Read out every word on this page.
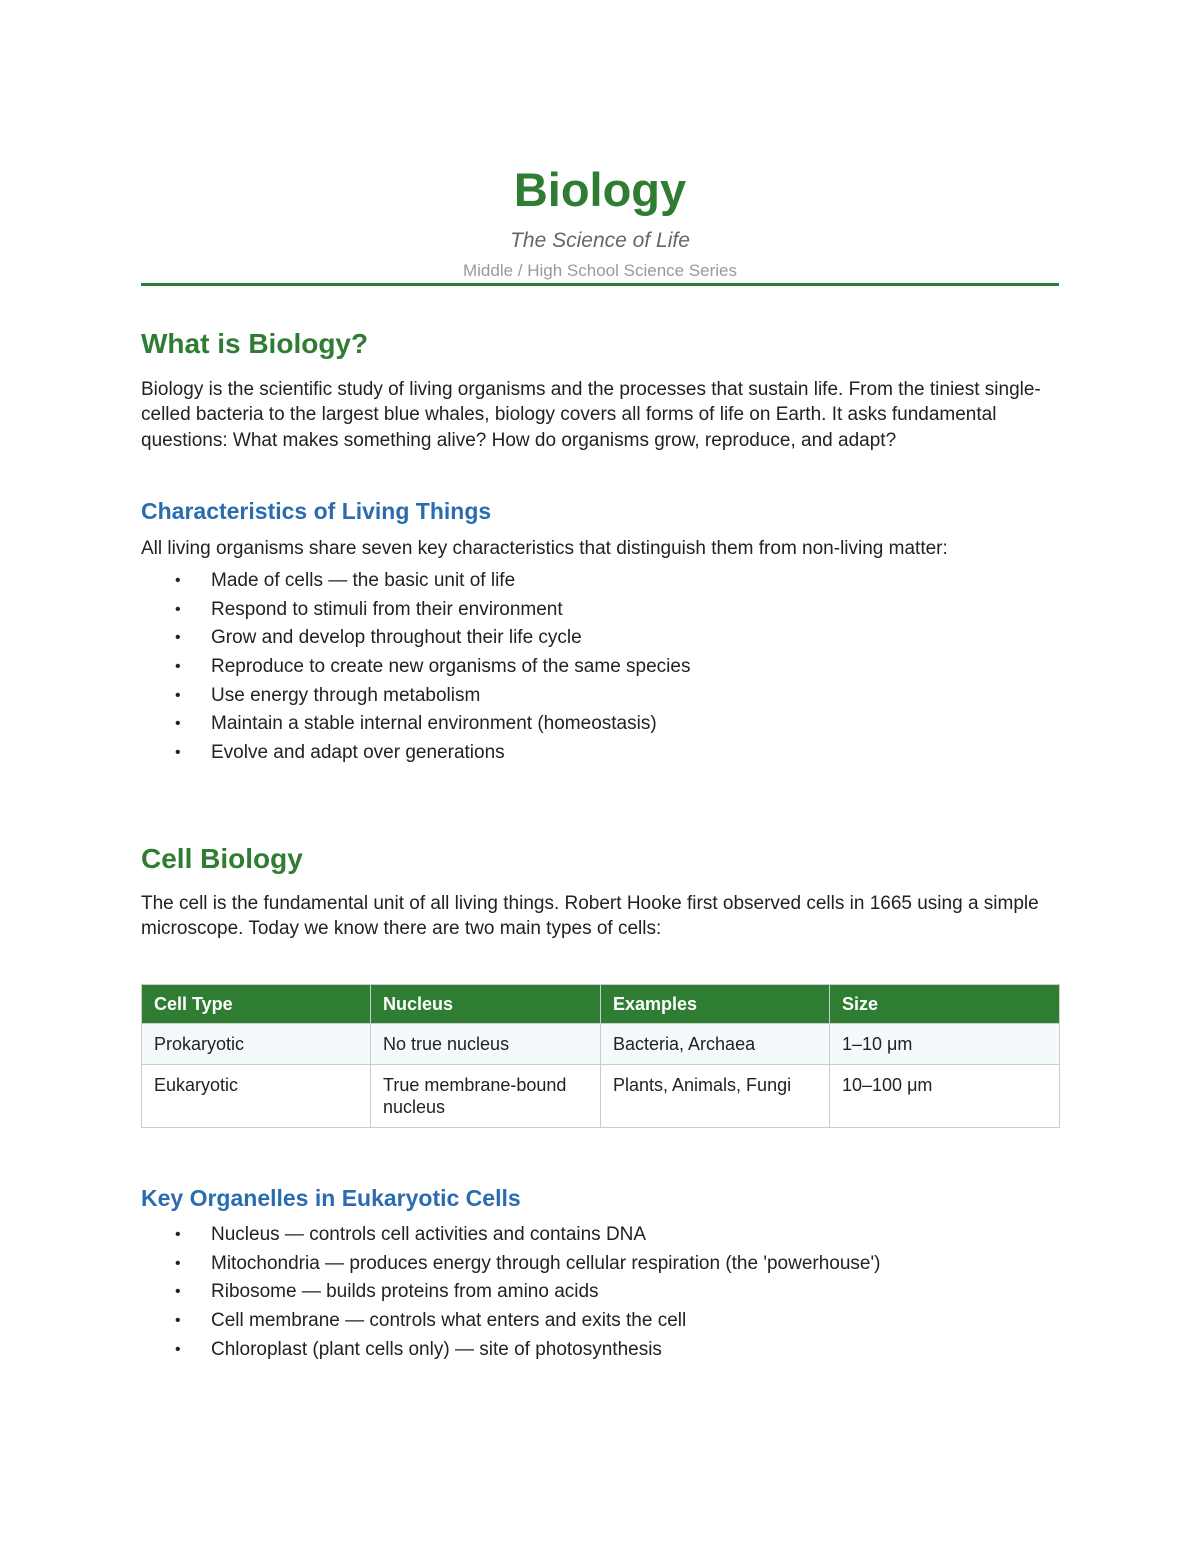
Biology
The Science of Life
Middle / High School Science Series
What is Biology?
Biology is the scientific study of living organisms and the processes that sustain life. From the tiniest single-celled bacteria to the largest blue whales, biology covers all forms of life on Earth. It asks fundamental questions: What makes something alive? How do organisms grow, reproduce, and adapt?
Characteristics of Living Things
All living organisms share seven key characteristics that distinguish them from non-living matter:
• Made of cells — the basic unit of life
• Respond to stimuli from their environment
• Grow and develop throughout their life cycle
• Reproduce to create new organisms of the same species
• Use energy through metabolism
• Maintain a stable internal environment (homeostasis)
• Evolve and adapt over generations
Cell Biology
The cell is the fundamental unit of all living things. Robert Hooke first observed cells in 1665 using a simple microscope. Today we know there are two main types of cells:
Cell Type	Nucleus	Examples	Size
Prokaryotic	No true nucleus	Bacteria, Archaea	1–10 μm
Eukaryotic	True membrane-bound nucleus	Plants, Animals, Fungi	10–100 μm
Key Organelles in Eukaryotic Cells
• Nucleus — controls cell activities and contains DNA
• Mitochondria — produces energy through cellular respiration (the 'powerhouse')
• Ribosome — builds proteins from amino acids
• Cell membrane — controls what enters and exits the cell
• Chloroplast (plant cells only) — site of photosynthesis
